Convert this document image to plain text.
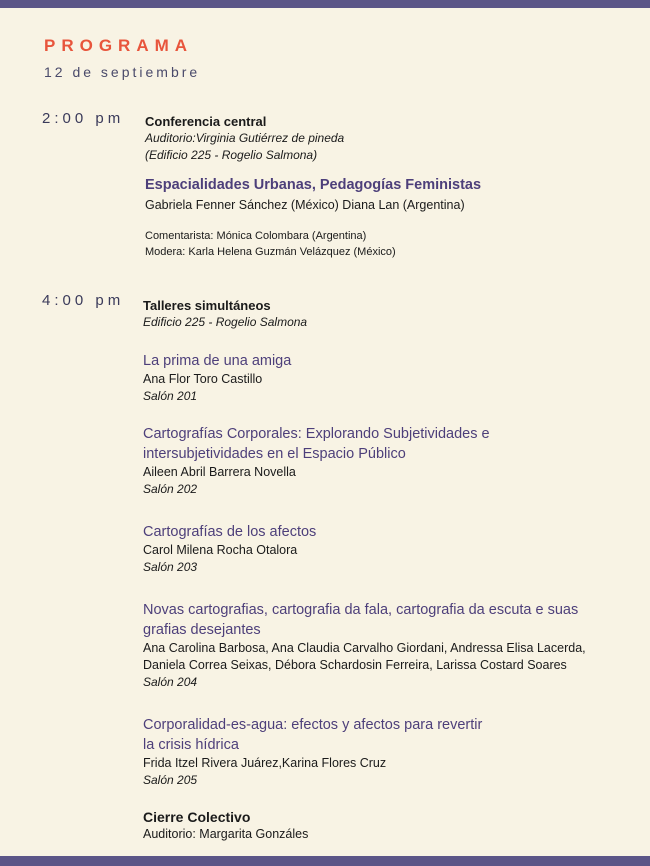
PROGRAMA
12 de septiembre
2:00 pm Conferencia central
Auditorio:Virginia Gutiérrez de pineda
(Edificio 225 - Rogelio Salmona)
Espacialidades Urbanas, Pedagogías Feministas
Gabriela Fenner Sánchez (México) Diana Lan (Argentina)
Comentarista: Mónica Colombara (Argentina)
Modera: Karla Helena Guzmán Velázquez (México)
4:00 pm Talleres simultáneos
Edificio 225 - Rogelio Salmona
La prima de una amiga
Ana Flor Toro Castillo
Salón 201
Cartografías Corporales: Explorando Subjetividades e
intersubjetividades en el Espacio Público
Aileen Abril Barrera Novella
Salón 202
Cartografías de los afectos
Carol Milena Rocha Otalora
Salón 203
Novas cartografias, cartografia da fala, cartografia da escuta e suas
grafias desejantes
Ana Carolina Barbosa, Ana Claudia Carvalho Giordani, Andressa Elisa Lacerda,
Daniela Correa Seixas, Débora Schardosin Ferreira, Larissa Costard Soares
Salón 204
Corporalidad-es-agua: efectos y afectos para revertir
la crisis hídrica
Frida Itzel Rivera Juárez,Karina Flores Cruz
Salón 205
Cierre Colectivo
Auditorio: Margarita Gonzáles
